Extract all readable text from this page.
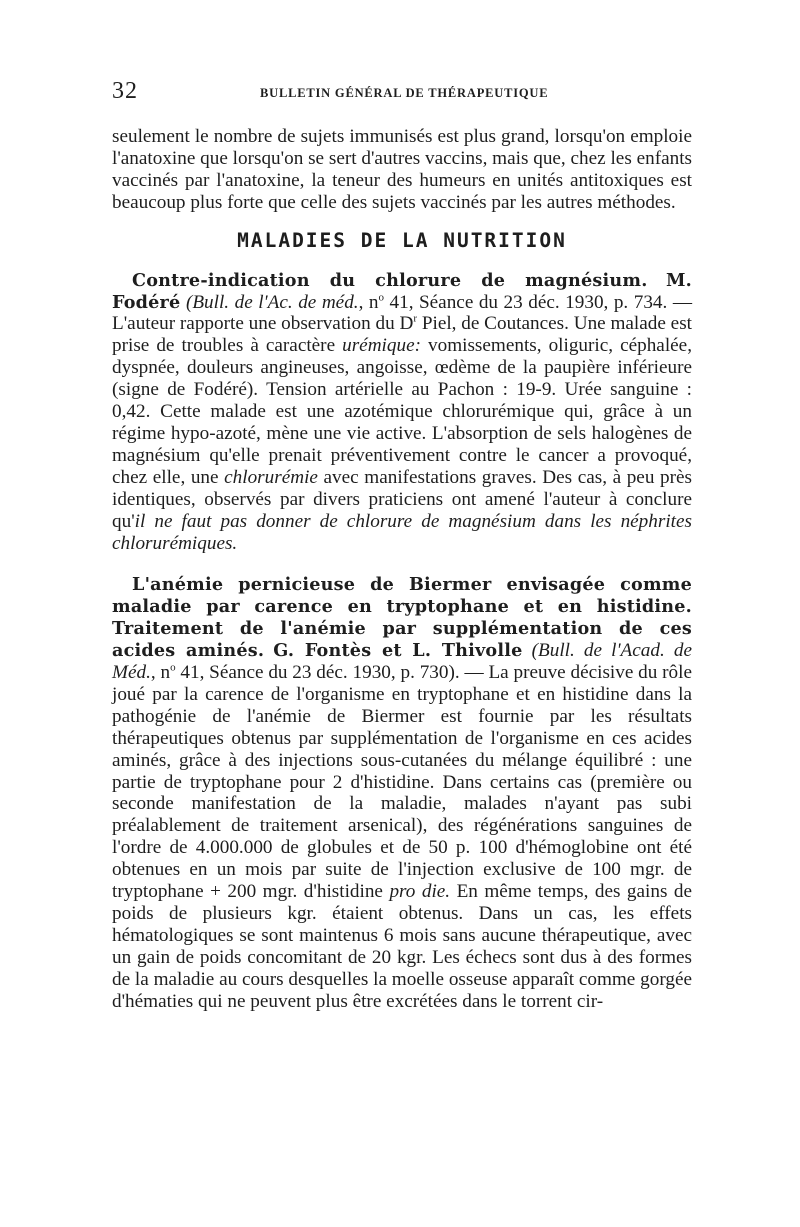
32	BULLETIN GÉNÉRAL DE THÉRAPEUTIQUE

seulement le nombre de sujets immunisés est plus grand, lorsqu'on emploie l'anatoxine que lorsqu'on se sert d'autres vaccins, mais que, chez les enfants vaccinés par l'anatoxine, la teneur des humeurs en unités antitoxiques est beaucoup plus forte que celle des sujets vaccinés par les autres méthodes.

MALADIES DE LA NUTRITION

Contre-indication du chlorure de magnésium. M. Fodéré (Bull. de l'Ac. de méd., $n^o$ 41, Séance du 23 déc. 1930, p. 734. — L'auteur rapporte une observation du $D^r$ Piel, de Coutances. Une malade est prise de troubles à caractère urémique: vomissements, oliguric, céphalée, dyspnée, douleurs angineuses, angoisse, œdème de la paupière inférieure (signe de Fodéré). Tension artérielle au Pachon : 19-9. Urée sanguine : 0,42. Cette malade est une azotémique chlorurémique qui, grâce à un régime hypo-azoté, mène une vie active. L'absorption de sels halogènes de magnésium qu'elle prenait préventivement contre le cancer a provoqué, chez elle, une chlorurémie avec manifestations graves. Des cas, à peu près identiques, observés par divers praticiens ont amené l'auteur à conclure qu'il ne faut pas donner de chlorure de magnésium dans les néphrites chlorurémiques.

L'anémie pernicieuse de Biermer envisagée comme maladie par carence en tryptophane et en histidine. Traitement de l'anémie par supplémentation de ces acides aminés. G. Fontès et L. Thivolle (Bull. de l'Acad. de Méd., $n^o$ 41, Séance du 23 déc. 1930, p. 730). — La preuve décisive du rôle joué par la carence de l'organisme en tryptophane et en histidine dans la pathogénie de l'anémie de Biermer est fournie par les résultats thérapeutiques obtenus par supplémentation de l'organisme en ces acides aminés, grâce à des injections sous-cutanées du mélange équilibré : une partie de tryptophane pour 2 d'histidine. Dans certains cas (première ou seconde manifestation de la maladie, malades n'ayant pas subi préalablement de traitement arsenical), des régénérations sanguines de l'ordre de 4.000.000 de globules et de 50 p. 100 d'hémoglobine ont été obtenues en un mois par suite de l'injection exclusive de 100 mgr. de tryptophane + 200 mgr. d'histidine pro die. En même temps, des gains de poids de plusieurs kgr. étaient obtenus. Dans un cas, les effets hématologiques se sont maintenus 6 mois sans aucune thérapeutique, avec un gain de poids concomitant de 20 kgr. Les échecs sont dus à des formes de la maladie au cours desquelles la moelle osseuse apparaît comme gorgée d'hématies qui ne peuvent plus être excrétées dans le torrent cir-
